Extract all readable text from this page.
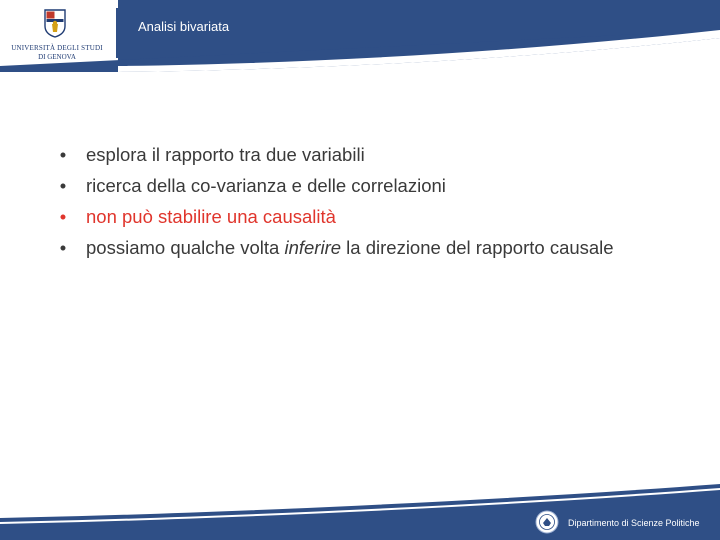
UNIVERSITÀ DEGLI STUDI
DI GENOVA
Analisi bivariata
• esplora il rapporto tra due variabili
• ricerca della co-varianza e delle correlazioni
• non può stabilire una causalità
• possiamo qualche volta inferire la direzione del rapporto causale
Dipartimento di Scienze Politiche
